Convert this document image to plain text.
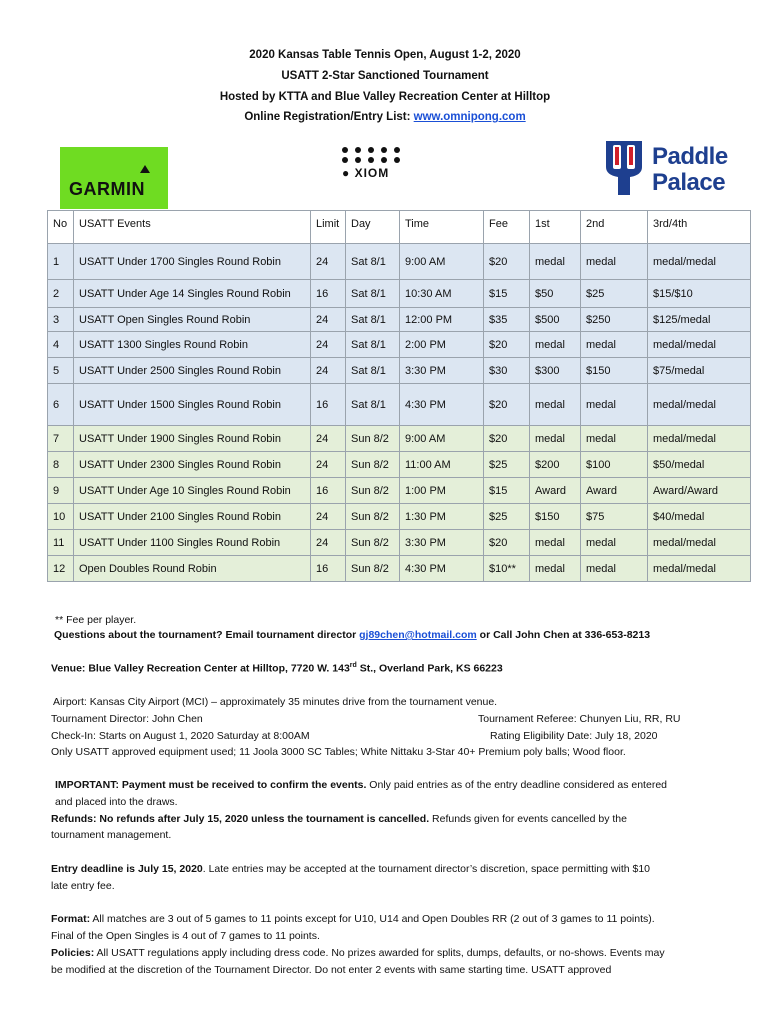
2020 Kansas Table Tennis Open, August 1-2, 2020
USATT 2-Star Sanctioned Tournament
Hosted by KTTA and Blue Valley Recreation Center at Hilltop
Online Registration/Entry List: www.omnipong.com
GARMIN
● XIOM
Paddle
Palace
No	USATT Events	Limit	Day	Time	Fee	1st	2nd	3rd/4th
1	USATT Under 1700 Singles Round Robin	24	Sat 8/1	9:00 AM	$20	medal	medal	medal/medal
2	USATT Under Age 14 Singles Round Robin	16	Sat 8/1	10:30 AM	$15	$50	$25	$15/$10
3	USATT Open Singles Round Robin	24	Sat 8/1	12:00 PM	$35	$500	$250	$125/medal
4	USATT 1300 Singles Round Robin	24	Sat 8/1	2:00 PM	$20	medal	medal	medal/medal
5	USATT Under 2500 Singles Round Robin	24	Sat 8/1	3:30 PM	$30	$300	$150	$75/medal
6	USATT Under 1500 Singles Round Robin	16	Sat 8/1	4:30 PM	$20	medal	medal	medal/medal
7	USATT Under 1900 Singles Round Robin	24	Sun 8/2	9:00 AM	$20	medal	medal	medal/medal
8	USATT Under 2300 Singles Round Robin	24	Sun 8/2	11:00 AM	$25	$200	$100	$50/medal
9	USATT Under Age 10 Singles Round Robin	16	Sun 8/2	1:00 PM	$15	Award	Award	Award/Award
10	USATT Under 2100 Singles Round Robin	24	Sun 8/2	1:30 PM	$25	$150	$75	$40/medal
11	USATT Under 1100 Singles Round Robin	24	Sun 8/2	3:30 PM	$20	medal	medal	medal/medal
12	Open Doubles Round Robin	16	Sun 8/2	4:30 PM	$10**	medal	medal	medal/medal
** Fee per player.
Questions about the tournament? Email tournament director gj89chen@hotmail.com or Call John Chen at 336-653-8213
Venue: Blue Valley Recreation Center at Hilltop, 7720 W. 143rd St., Overland Park, KS 66223
Airport: Kansas City Airport (MCI) – approximately 35 minutes drive from the tournament venue.
Tournament Director: John Chen	Tournament Referee: Chunyen Liu, RR, RU
Check-In: Starts on August 1, 2020 Saturday at 8:00AM	Rating Eligibility Date: July 18, 2020
Only USATT approved equipment used; 11 Joola 3000 SC Tables; White Nittaku 3-Star 40+ Premium poly balls; Wood floor.
IMPORTANT: Payment must be received to confirm the events. Only paid entries as of the entry deadline considered as entered
and placed into the draws.
Refunds: No refunds after July 15, 2020 unless the tournament is cancelled. Refunds given for events cancelled by the
tournament management.
Entry deadline is July 15, 2020. Late entries may be accepted at the tournament director’s discretion, space permitting with $10
late entry fee.
Format: All matches are 3 out of 5 games to 11 points except for U10, U14 and Open Doubles RR (2 out of 3 games to 11 points).
Final of the Open Singles is 4 out of 7 games to 11 points.
Policies: All USATT regulations apply including dress code. No prizes awarded for splits, dumps, defaults, or no-shows. Events may
be modified at the discretion of the Tournament Director. Do not enter 2 events with same starting time. USATT approved
